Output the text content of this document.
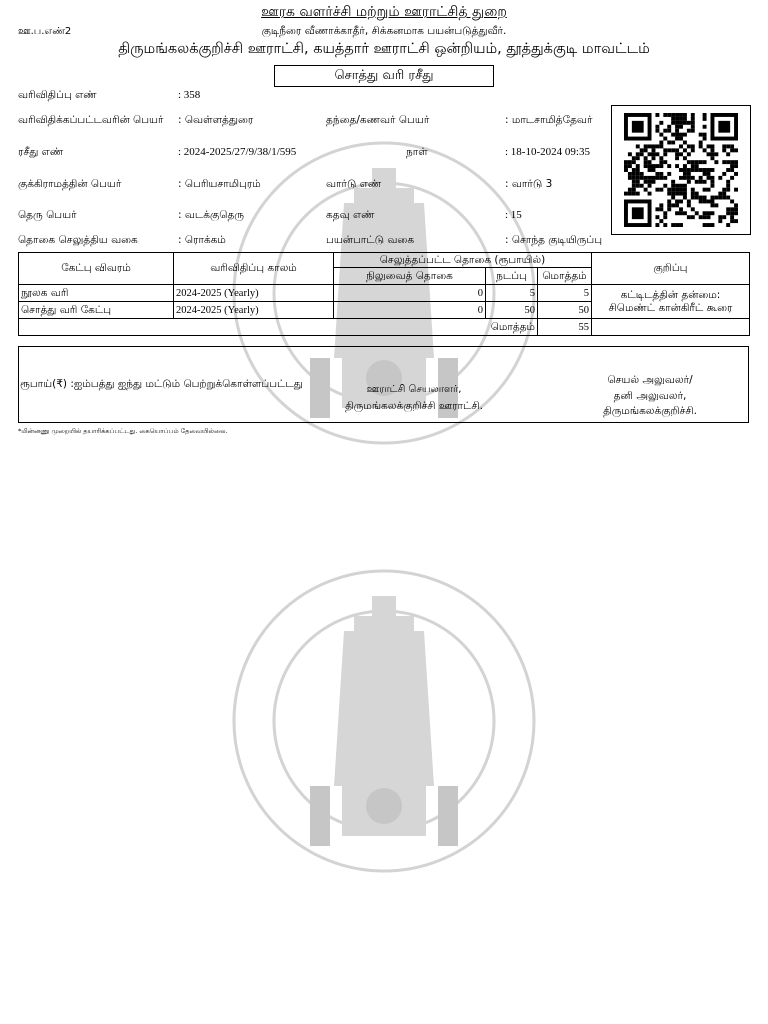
ஊரக வளர்ச்சி மற்றும் ஊராட்சித் துறை
ஊ.ப.எண்2	குடிநீரை வீணாக்காதீர், சிக்கனமாக பயன்படுத்துவீர்.
திருமங்கலக்குறிச்சி ஊராட்சி, கயத்தார் ஊராட்சி ஒன்றியம், தூத்துக்குடி மாவட்டம்
சொத்து வரி ரசீது
வரிவிதிப்பு எண்	: 358
வரிவிதிக்கப்பட்டவரின் பெயர் : வெள்ளத்துரை	தந்தை/கணவர் பெயர்	: மாடசாமித்தேவர்
ரசீது எண்	: 2024-2025/27/9/38/1/595	நாள்	: 18-10-2024 09:35
குக்கிராமத்தின் பெயர்	: பெரியசாமிபுரம்	வார்டு எண்	: வார்டு 3
தெரு பெயர்	: வடக்குதெரு	கதவு எண்	: 15
தொகை செலுத்திய வகை	: ரொக்கம்	பயன்பாட்டு வகை	: சொந்த குடியிருப்பு
கேட்பு விவரம்	வரிவிதிப்பு காலம்	செலுத்தப்பட்ட தொகை (ரூபாயில்)			குறிப்பு
		நிலுவைத் தொகை	நடப்பு	மொத்தம்	
நூலக வரி	2024-2025 (Yearly)	0	5	5	கட்டிடத்தின் தன்மை:
சிமெண்ட் கான்கிரீட் கூரை

சொத்து வரி கேட்பு	2024-2025 (Yearly)	0	50	50	
மொத்தம்				55	
ரூபாய்(₹) :ஐம்பத்து ஐந்து மட்டும் பெற்றுக்கொள்ளப்பட்டது	ஊராட்சி செயலாளர்,
திருமங்கலக்குறிச்சி ஊராட்சி.
செயல் அலுவலர்/
தனி அலுவலர்,
திருமங்கலக்குறிச்சி.
*மின்னணு முறையில் தயாரிக்கப்பட்டது. கையொப்பம் தேவையில்லை.
